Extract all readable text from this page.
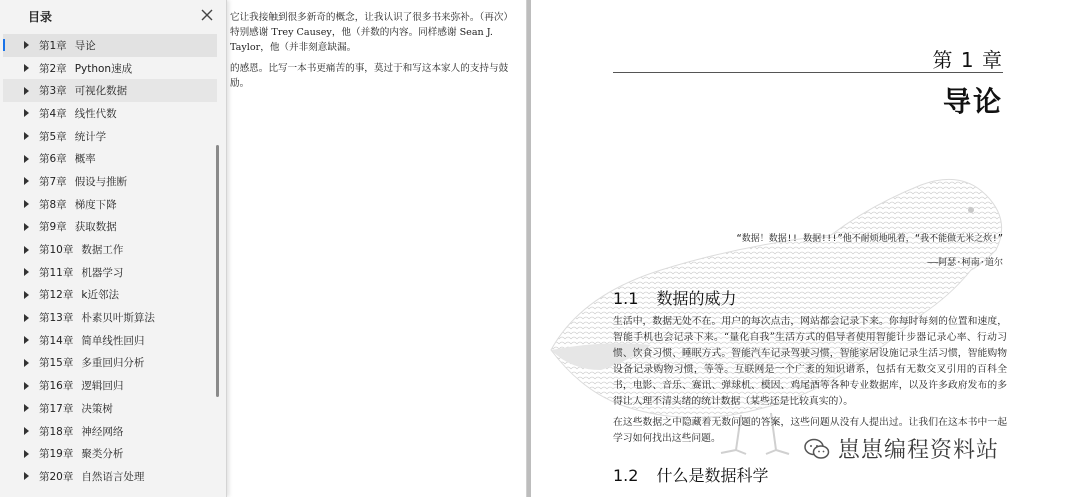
它让我接触到很多新奇的概念，让我认识了很多书来弥补。（再次）特别感谢 Trey Causey，他（并数的内容。同样感谢 Sean J. Taylor，他（并非刻意缺漏。

的感恩。比写一本书更痛苦的事，莫过于和写这本家人的支持与鼓励。

第 1 章
导论
“数据！数据!! 数据!!!”他不耐烦地吼着，“我不能做无米之炊!”
——阿瑟·柯南·道尔
1.1 数据的威力

生活中，数据无处不在。用户的每次点击，网站都会记录下来。你每时每刻的位置和速度，智能手机也会记录下来。“量化自我”生活方式的倡导者使用智能计步器记录心率、行动习惯、饮食习惯、睡眠方式。智能汽车记录驾驶习惯，智能家居设施记录生活习惯，智能购物设备记录购物习惯，等等。互联网是一个广袤的知识谱系，包括有无数交叉引用的百科全书，电影、音乐、赛讯、弹球机、模因、鸡尾酒等各种专业数据库，以及许多政府发布的多得让人理不清头绪的统计数据（某些还是比较真实的）。

在这些数据之中隐藏着无数问题的答案，这些问题从没有人提出过。让我们在这本书中一起学习如何找出这些问题。

1.2 什么是数据科学
崽崽编程资料站
目录
第1章 导论
第2章 Python速成
第3章 可视化数据
第4章 线性代数
第5章 统计学
第6章 概率
第7章 假设与推断
第8章 梯度下降
第9章 获取数据
第10章 数据工作
第11章 机器学习
第12章 k近邻法
第13章 朴素贝叶斯算法
第14章 简单线性回归
第15章 多重回归分析
第16章 逻辑回归
第17章 决策树
第18章 神经网络
第19章 聚类分析
第20章 自然语言处理
